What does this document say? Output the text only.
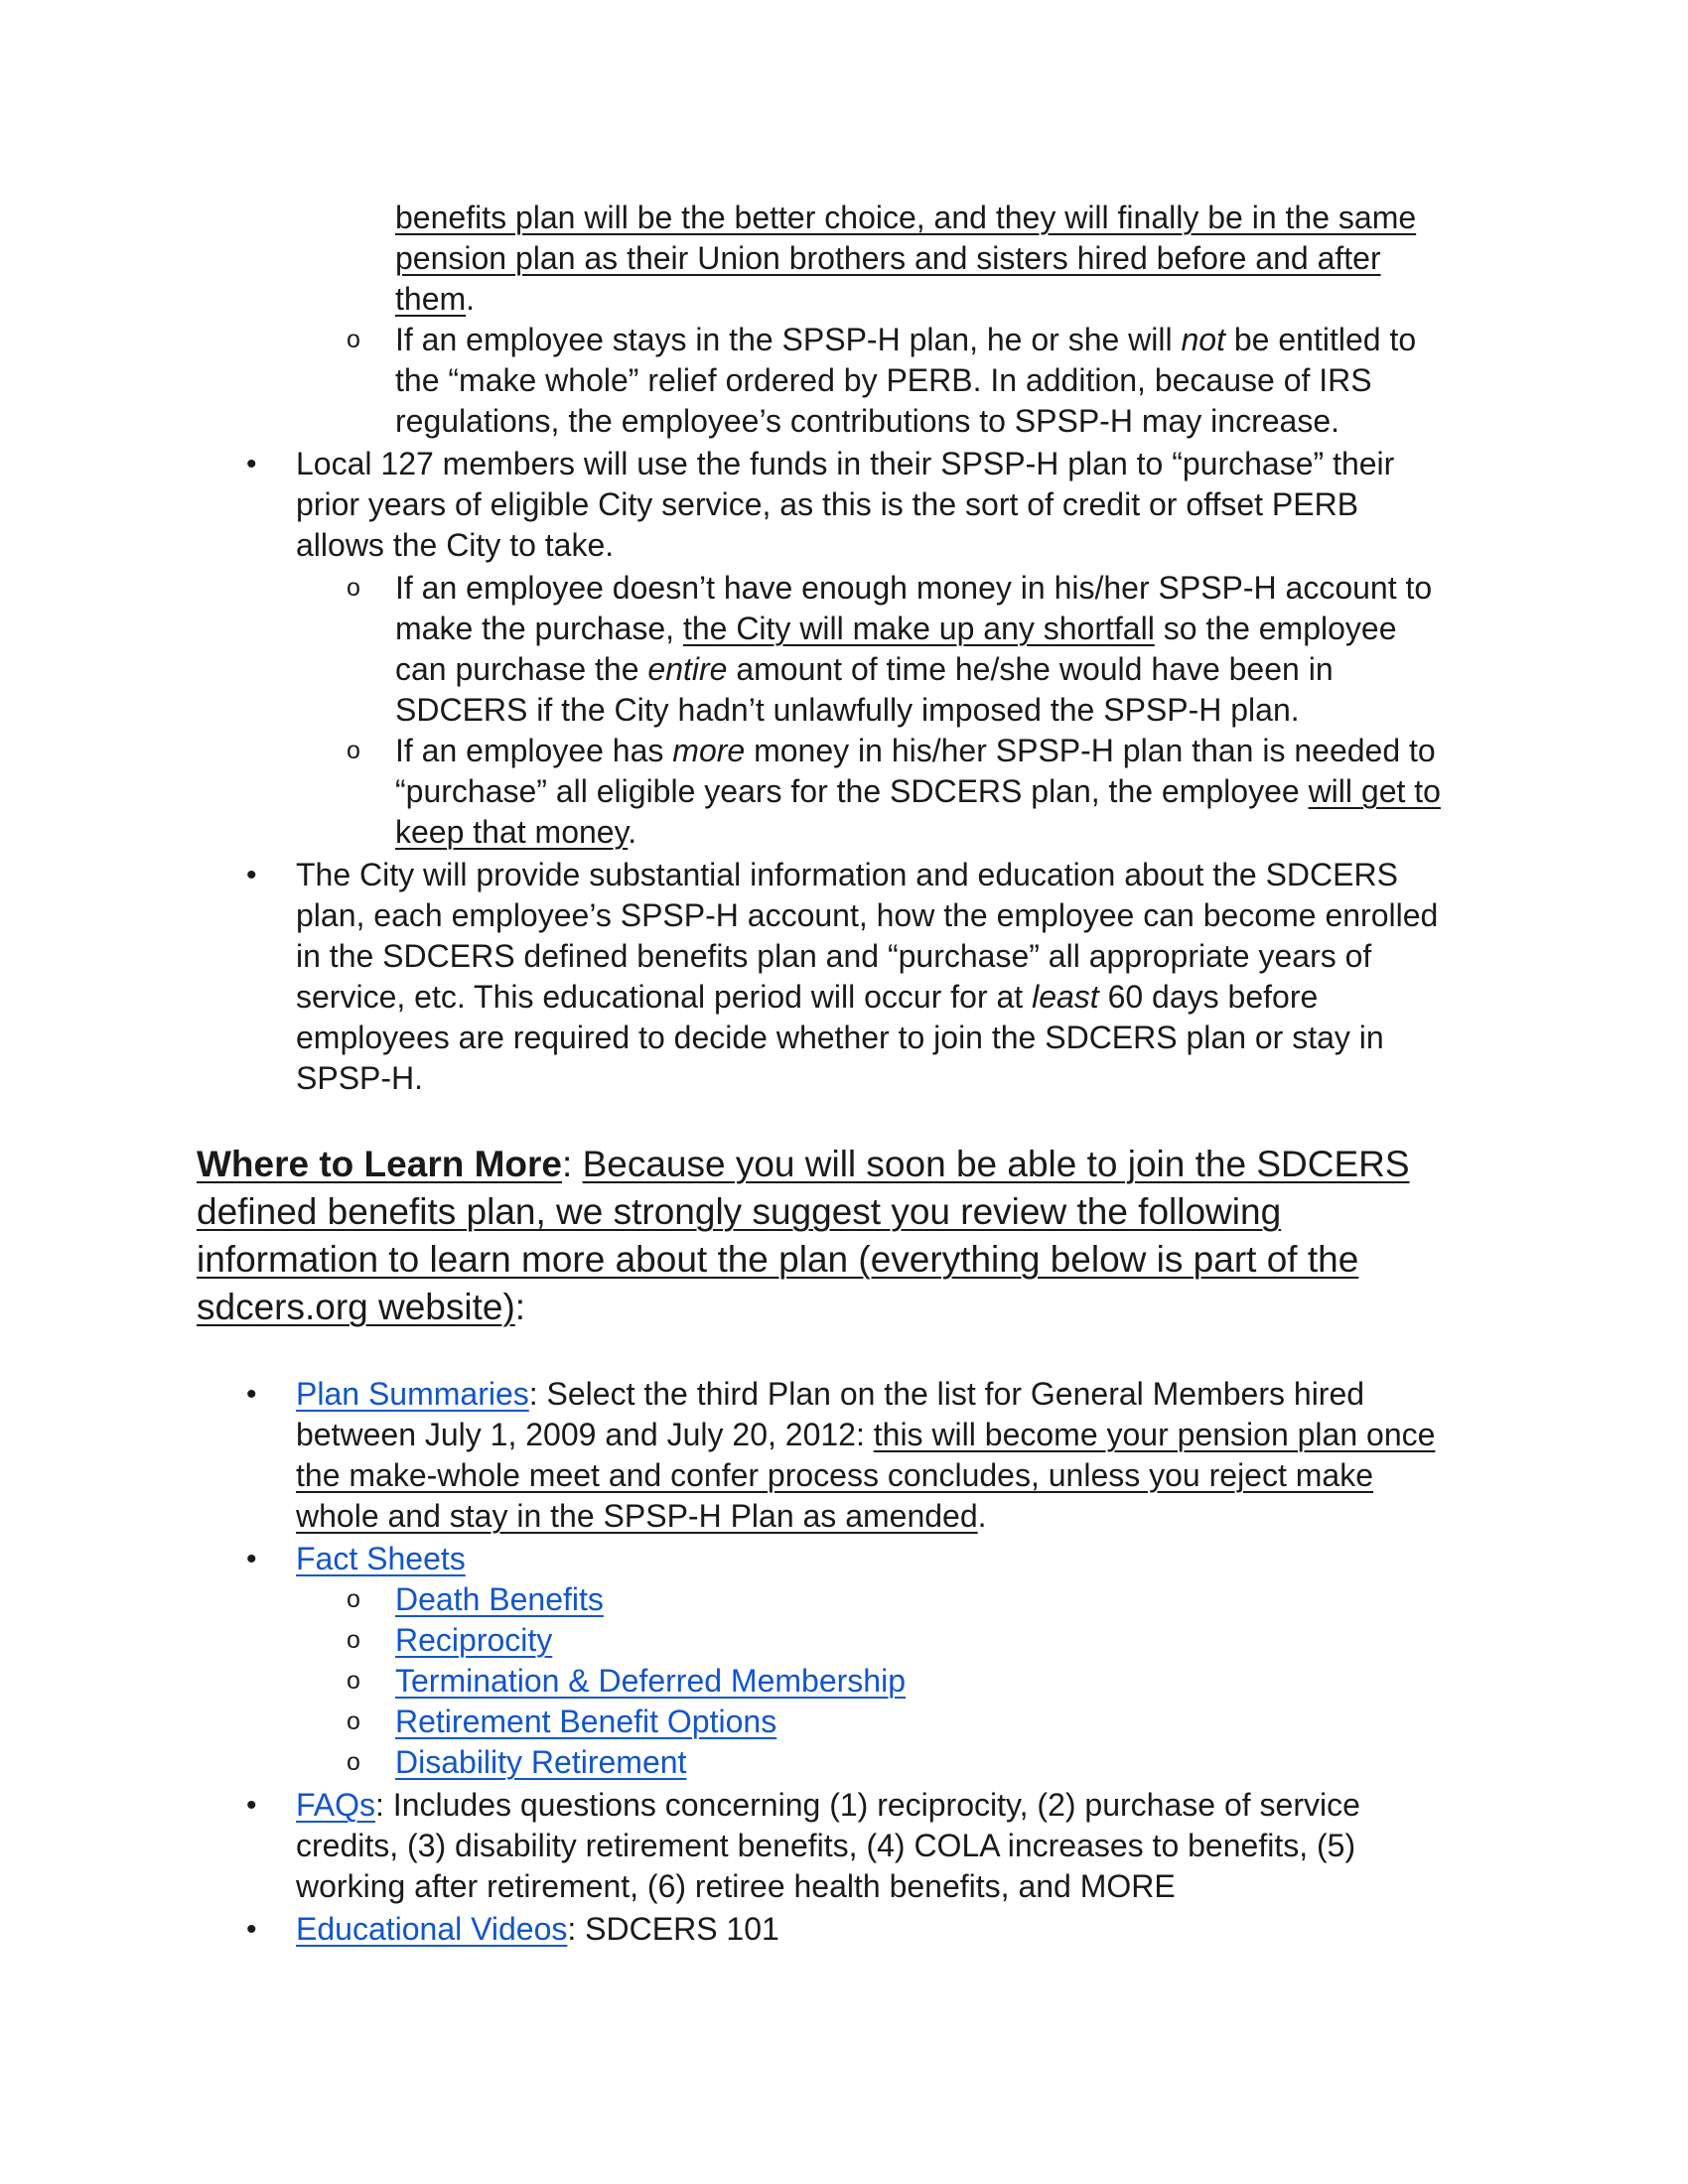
benefits plan will be the better choice, and they will finally be in the same
pension plan as their Union brothers and sisters hired before and after
them.
o If an employee stays in the SPSP-H plan, he or she will not be entitled to
the “make whole” relief ordered by PERB. In addition, because of IRS
regulations, the employee’s contributions to SPSP-H may increase.
• Local 127 members will use the funds in their SPSP-H plan to “purchase” their
prior years of eligible City service, as this is the sort of credit or offset PERB
allows the City to take.
o If an employee doesn’t have enough money in his/her SPSP-H account to
make the purchase, the City will make up any shortfall so the employee
can purchase the entire amount of time he/she would have been in
SDCERS if the City hadn’t unlawfully imposed the SPSP-H plan.
o If an employee has more money in his/her SPSP-H plan than is needed to
“purchase” all eligible years for the SDCERS plan, the employee will get to
keep that money.
• The City will provide substantial information and education about the SDCERS
plan, each employee’s SPSP-H account, how the employee can become enrolled
in the SDCERS defined benefits plan and “purchase” all appropriate years of
service, etc. This educational period will occur for at least 60 days before
employees are required to decide whether to join the SDCERS plan or stay in
SPSP-H.
Where to Learn More: Because you will soon be able to join the SDCERS
defined benefits plan, we strongly suggest you review the following
information to learn more about the plan (everything below is part of the
sdcers.org website):
• Plan Summaries: Select the third Plan on the list for General Members hired
between July 1, 2009 and July 20, 2012: this will become your pension plan once
the make-whole meet and confer process concludes, unless you reject make
whole and stay in the SPSP-H Plan as amended.
• Fact Sheets
o Death Benefits
o Reciprocity
o Termination & Deferred Membership
o Retirement Benefit Options
o Disability Retirement
• FAQs: Includes questions concerning (1) reciprocity, (2) purchase of service
credits, (3) disability retirement benefits, (4) COLA increases to benefits, (5)
working after retirement, (6) retiree health benefits, and MORE
• Educational Videos: SDCERS 101
